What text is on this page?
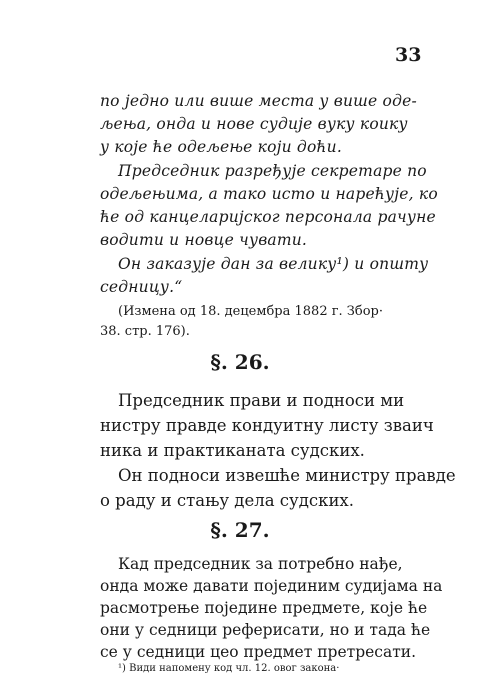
33
по једно или више места у више оде-
љења, онда и нове судије вуку коику
у које ће одељење који доћи.
Председник разређује секретаре по
одељењима, а тако исто и нарећује, ко
ће од канцеларијског персонала рачуне
водити и новце чувати.
Он заказује дан за велику¹) и општу
седницу.“
(Измена од 18. децембра 1882 г. Збор·
38. стр. 176).
§. 26.
Председник прави и подноси ми
нистру правде кондуитну листу зваич
ника и практиканата судских.
Он подноси извешће министру правде
о раду и стању дела судских.
§. 27.
Кад председник за потребно нађе,
онда може давати појединим судијама на
расмотрење поједине предмете, које ће
они у седници реферисати, но и тада ће
се у седници цео предмет претресати.
¹) Види напомену код чл. 12. овог закона·
